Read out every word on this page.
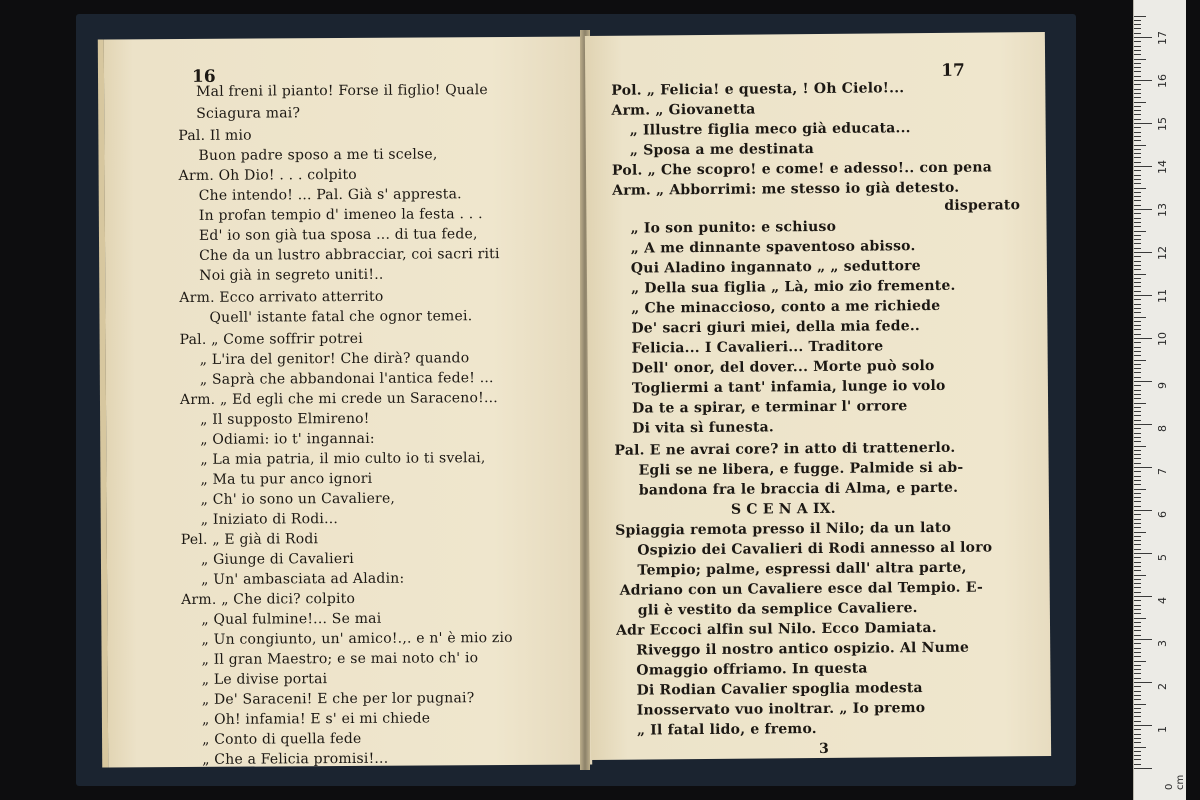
16
Mal freni il pianto! Forse il figlio! Quale
Sciagura mai?
Pal. Il mio
Buon padre sposo a me ti scelse,
Arm. Oh Dio! . . . colpito
Che intendo! ... Pal. Già s' appresta.
In profan tempio d' imeneo la festa . . .
Ed' io son già tua sposa ... di tua fede,
Che da un lustro abbracciar, coi sacri riti
Noi già in segreto uniti!..
Arm. Ecco arrivato atterrito
Quell' istante fatal che ognor temei.
Pal. „ Come soffrir potrei
„ L'ira del genitor! Che dirà? quando
„ Saprà che abbandonai l'antica fede! ...
Arm. „ Ed egli che mi crede un Saraceno!...
„ Il supposto Elmireno!
„ Odiami: io t' ingannai:
„ La mia patria, il mio culto io ti svelai,
„ Ma tu pur anco ignori
„ Ch' io sono un Cavaliere,
„ Iniziato di Rodi...
Pel. „ E già di Rodi
„ Giunge di Cavalieri
„ Un' ambasciata ad Aladin:
Arm. „ Che dici? colpito
„ Qual fulmine!... Se mai
„ Un congiunto, un' amico!.,. e n' è mio zio
„ Il gran Maestro; e se mai noto ch' io
„ Le divise portai
„ De' Saraceni! E che per lor pugnai?
„ Oh! infamia! E s' ei mi chiede
„ Conto di quella fede
„ Che a Felicia promisi!...
17
Pol. „ Felicia! e questa, ! Oh Cielo!...
Arm. „ Giovanetta
„ Illustre figlia meco già educata...
„ Sposa a me destinata
Pol. „ Che scopro! e come! e adesso!.. con pena
Arm. „ Abborrimi: me stesso io già detesto.
disperato
„ Io son punito: e schiuso
„ A me dinnante spaventoso abisso.
Qui Aladino ingannato „ „ seduttore
„ Della sua figlia „ Là, mio zio fremente.
„ Che minaccioso, conto a me richiede
De' sacri giuri miei, della mia fede..
Felicia... I Cavalieri... Traditore
Dell' onor, del dover... Morte può solo
Togliermi a tant' infamia, lunge io volo
Da te a spirar, e terminar l' orrore
Di vita sì funesta.
Pal. E ne avrai core? in atto di trattenerlo.
Egli se ne libera, e fugge. Palmide si ab-
bandona fra le braccia di Alma, e parte.
S C E N A IX.
Spiaggia remota presso il Nilo; da un lato
Ospizio dei Cavalieri di Rodi annesso al loro
Tempio; palme, espressi dall' altra parte,
Adriano con un Cavaliere esce dal Tempio. E-
gli è vestito da semplice Cavaliere.
Adr Eccoci alfin sul Nilo. Ecco Damiata.
Riveggo il nostro antico ospizio. Al Nume
Omaggio offriamo. In questa
Di Rodian Cavalier spoglia modesta
Inosservato vuo inoltrar. „ Io premo
„ Il fatal lido, e fremo.
3
17
16
15
14
13
12
11
10
9
8
7
6
5
4
3
2
1
0 cm
